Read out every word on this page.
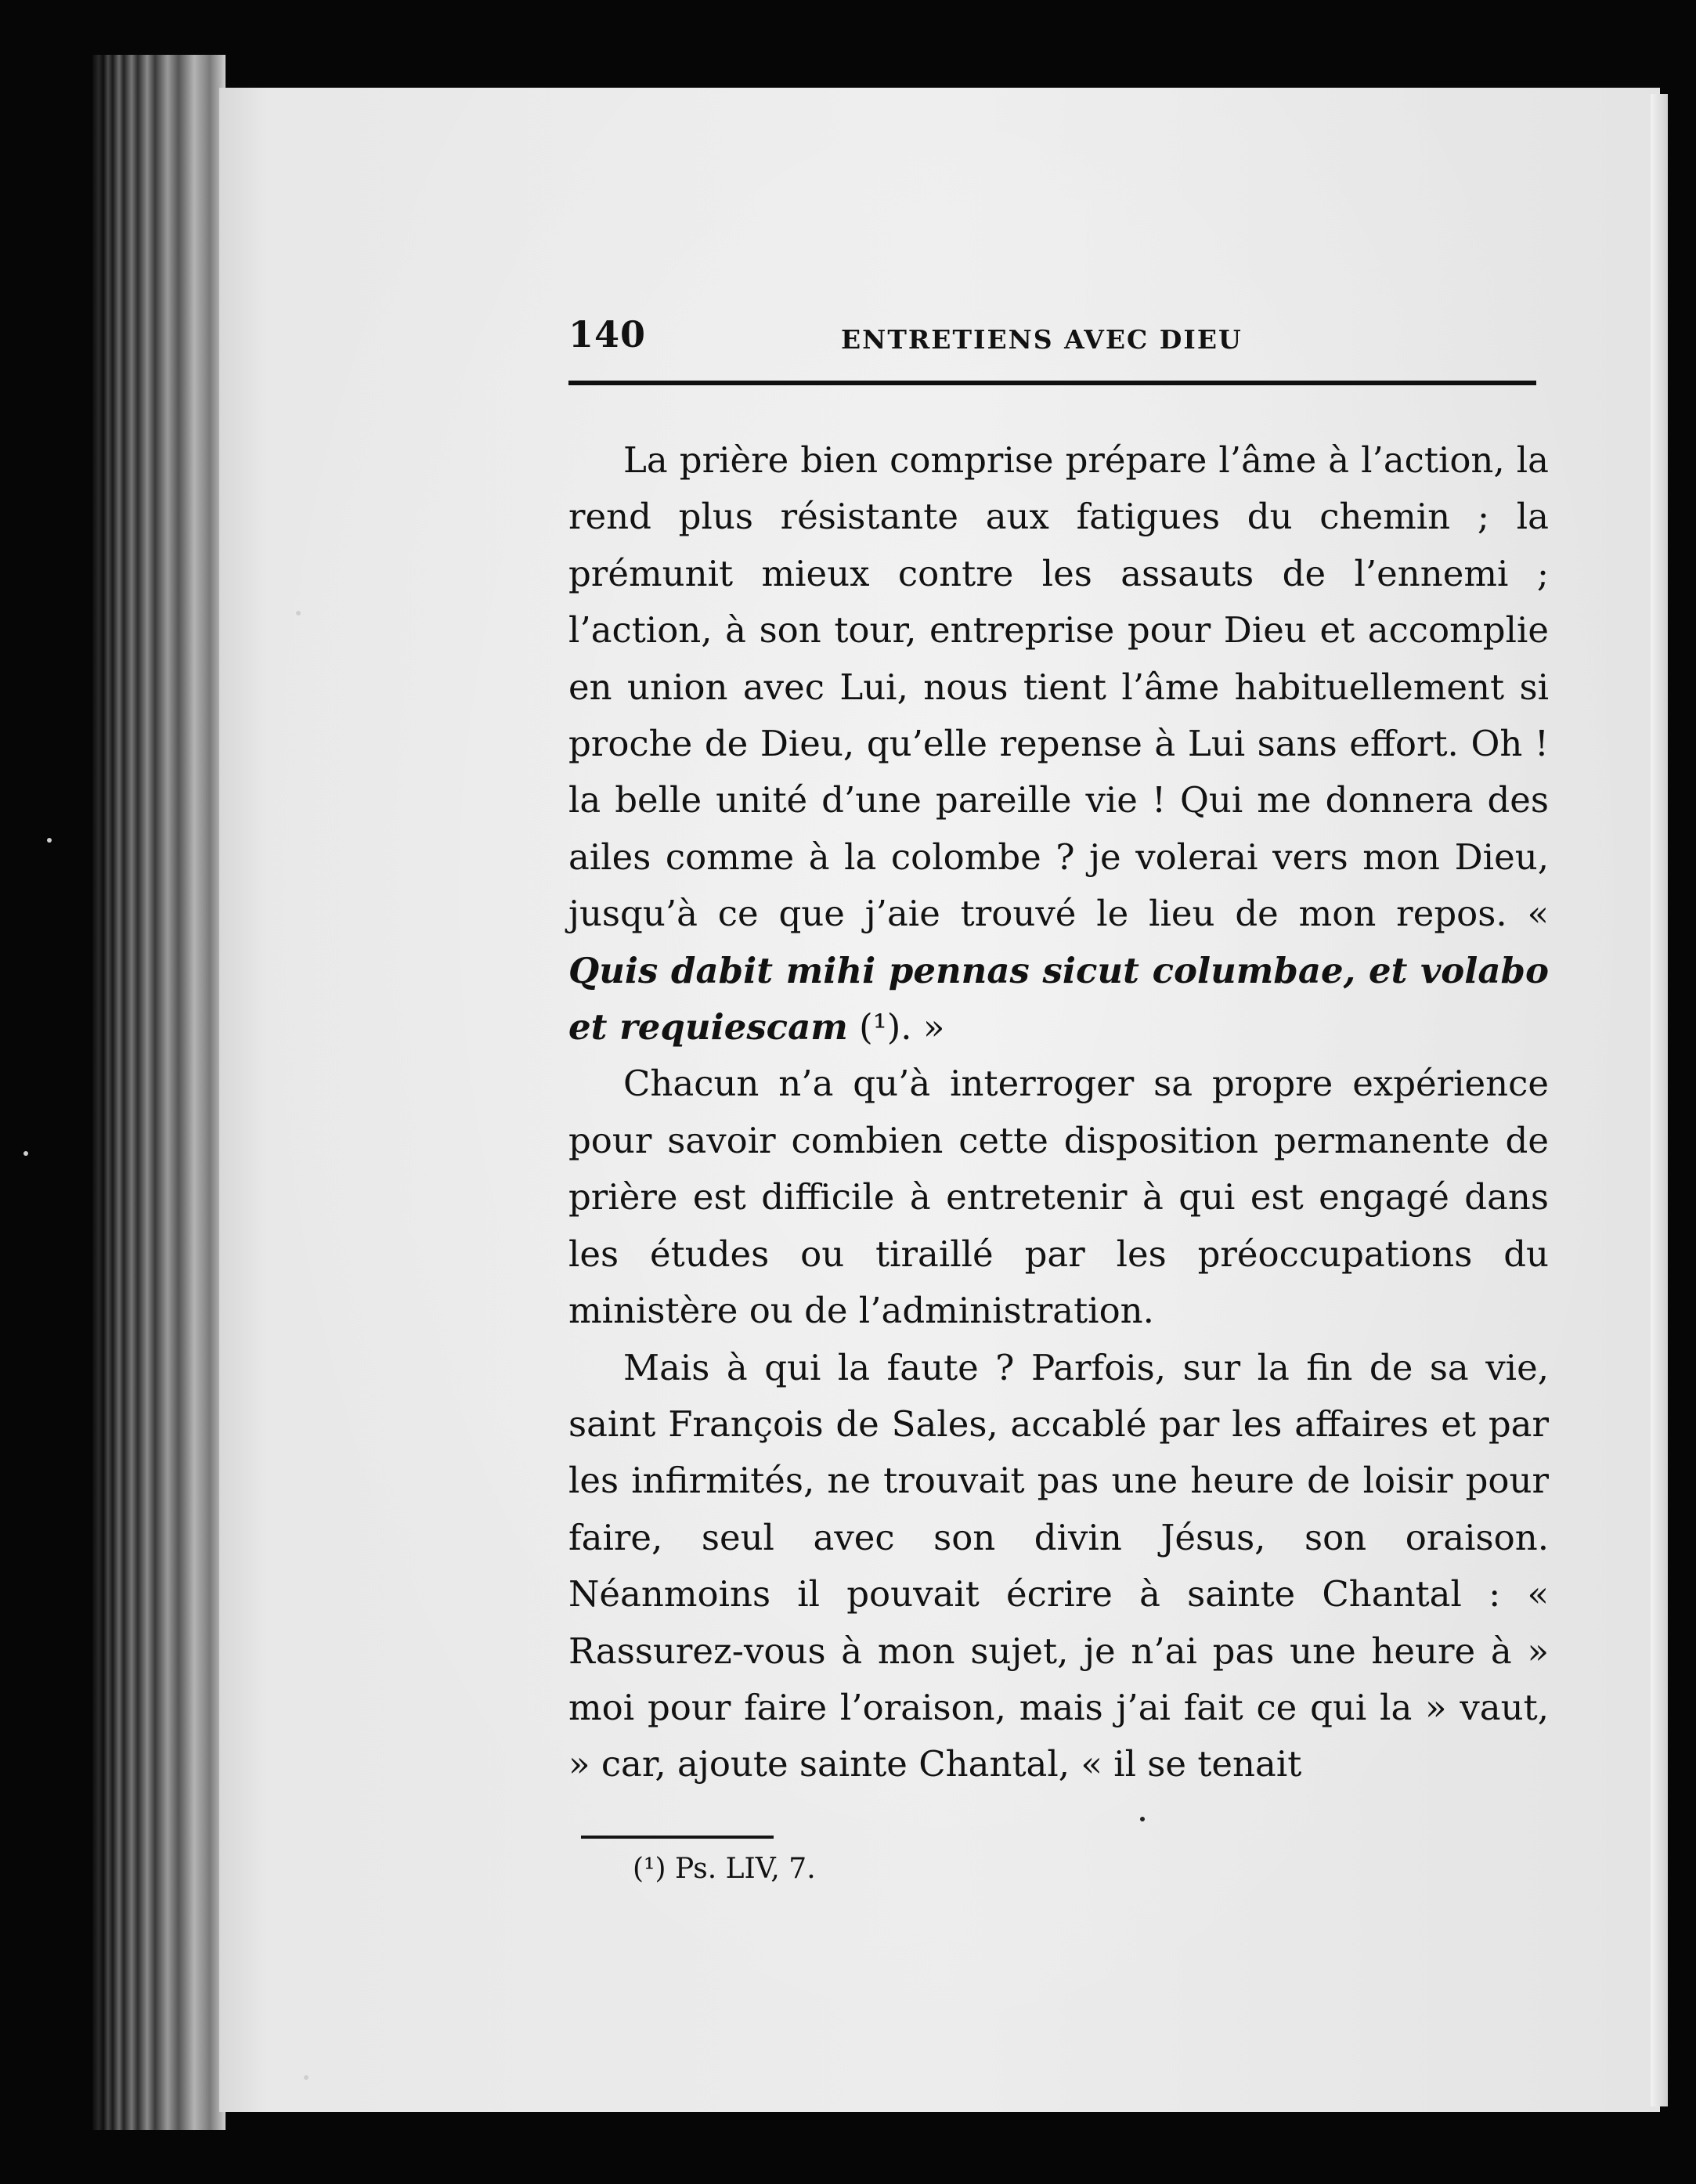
140	ENTRETIENS AVEC DIEU

La prière bien comprise prépare l’âme à l’action, la rend plus résistante aux fatigues du chemin ; la prémunit mieux contre les assauts de l’ennemi ; l’action, à son tour, entreprise pour Dieu et accomplie en union avec Lui, nous tient l’âme habituellement si proche de Dieu, qu’elle repense à Lui sans effort. Oh ! la belle unité d’une pareille vie ! Qui me donnera des ailes comme à la colombe ? je volerai vers mon Dieu, jusqu’à ce que j’aie trouvé le lieu de mon repos. « Quis dabit mihi pennas sicut columbae, et volabo et requiescam (¹). »

Chacun n’a qu’à interroger sa propre expérience pour savoir combien cette disposition permanente de prière est difficile à entretenir à qui est engagé dans les études ou tiraillé par les préoccupations du ministère ou de l’administration.

Mais à qui la faute ? Parfois, sur la fin de sa vie, saint François de Sales, accablé par les affaires et par les infirmités, ne trouvait pas une heure de loisir pour faire, seul avec son divin Jésus, son oraison. Néanmoins il pouvait écrire à sainte Chantal : « Rassurez-vous à mon sujet, je n’ai pas une heure à » moi pour faire l’oraison, mais j’ai fait ce qui la » vaut, » car, ajoute sainte Chantal, « il se tenait

(¹) Ps. LIV, 7.
